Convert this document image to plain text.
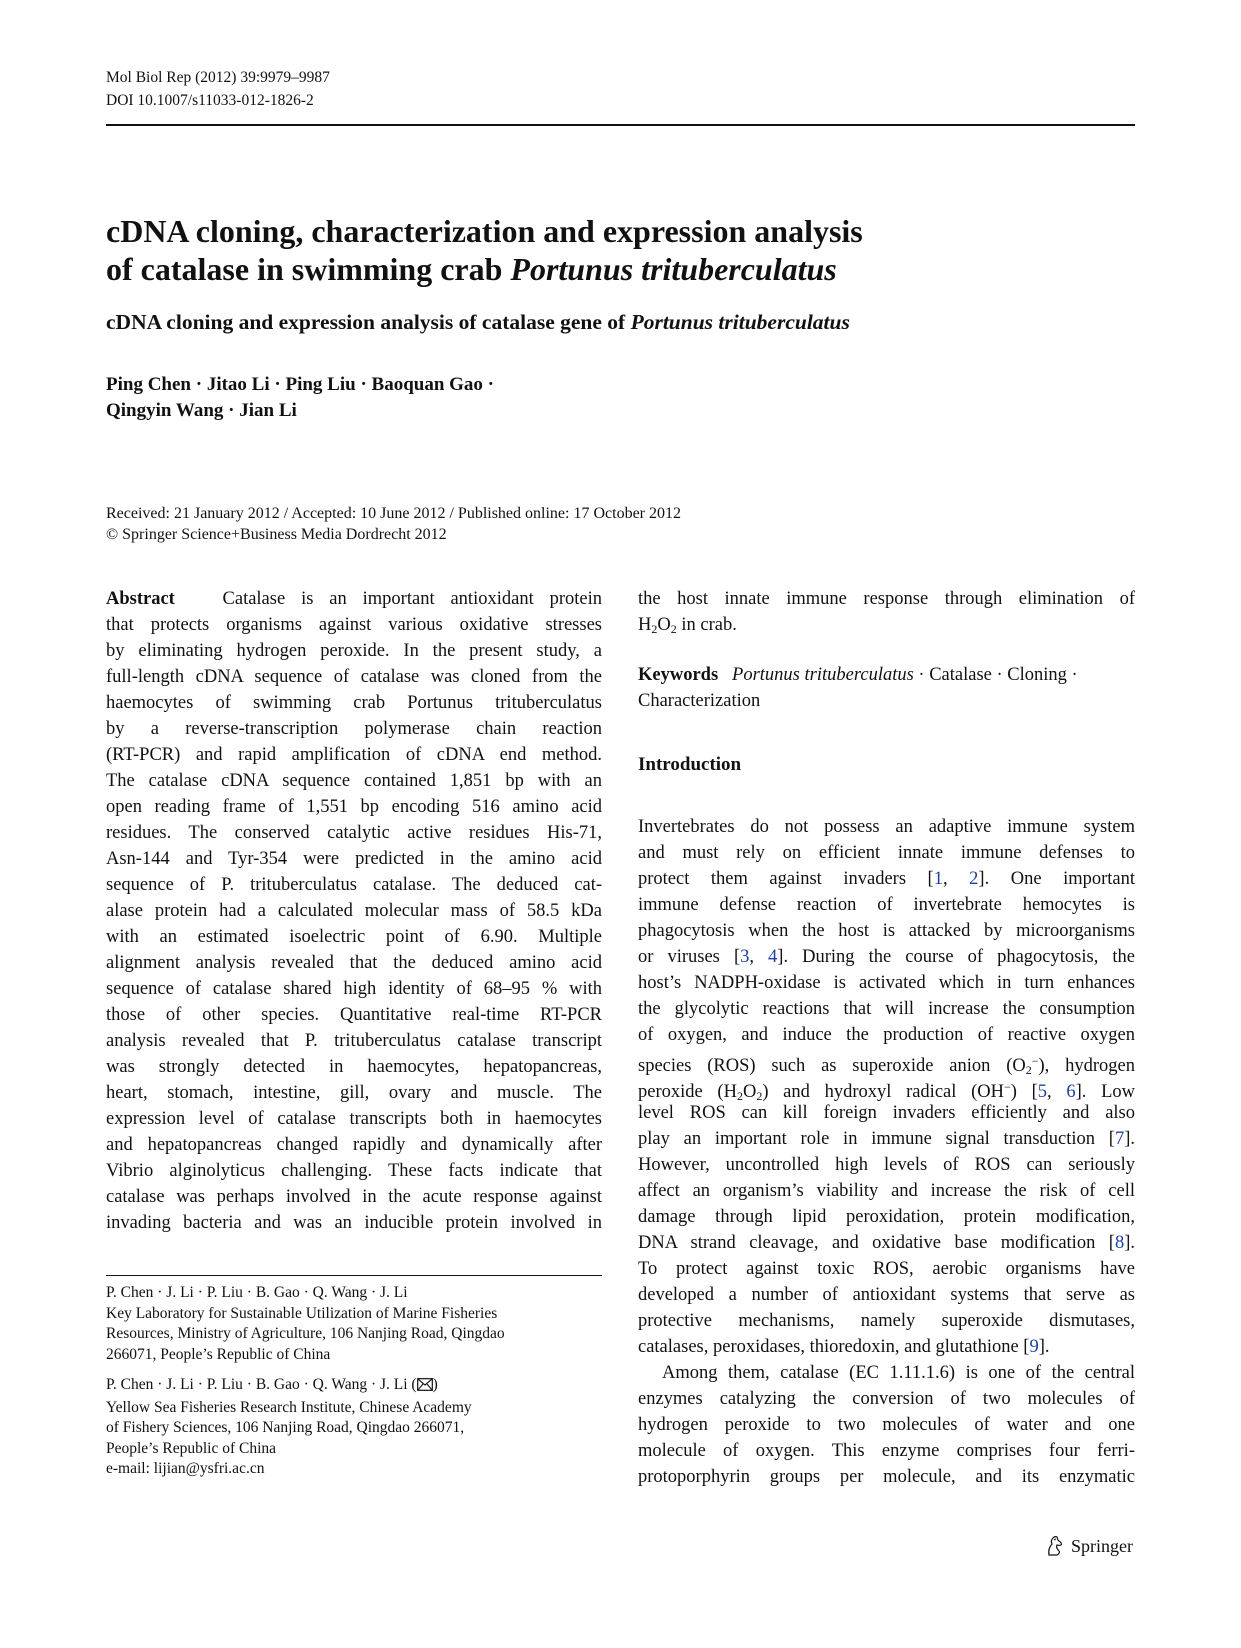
Mol Biol Rep (2012) 39:9979–9987
DOI 10.1007/s11033-012-1826-2
cDNA cloning, characterization and expression analysis
of catalase in swimming crab Portunus trituberculatus
cDNA cloning and expression analysis of catalase gene of Portunus trituberculatus
Ping Chen · Jitao Li · Ping Liu · Baoquan Gao ·
Qingyin Wang · Jian Li
Received: 21 January 2012 / Accepted: 10 June 2012 / Published online: 17 October 2012
© Springer Science+Business Media Dordrecht 2012
Abstract	Catalase is an important antioxidant protein
that protects organisms against various oxidative stresses
by eliminating hydrogen peroxide. In the present study, a
full-length cDNA sequence of catalase was cloned from the
haemocytes of swimming crab Portunus trituberculatus
by a reverse-transcription polymerase chain reaction
(RT-PCR) and rapid amplification of cDNA end method.
The catalase cDNA sequence contained 1,851 bp with an
open reading frame of 1,551 bp encoding 516 amino acid
residues. The conserved catalytic active residues His-71,
Asn-144 and Tyr-354 were predicted in the amino acid
sequence of P. trituberculatus catalase. The deduced cat-
alase protein had a calculated molecular mass of 58.5 kDa
with an estimated isoelectric point of 6.90. Multiple
alignment analysis revealed that the deduced amino acid
sequence of catalase shared high identity of 68–95 % with
those of other species. Quantitative real-time RT-PCR
analysis revealed that P. trituberculatus catalase transcript
was strongly detected in haemocytes, hepatopancreas,
heart, stomach, intestine, gill, ovary and muscle. The
expression level of catalase transcripts both in haemocytes
and hepatopancreas changed rapidly and dynamically after
Vibrio alginolyticus challenging. These facts indicate that
catalase was perhaps involved in the acute response against
invading bacteria and was an inducible protein involved in
P. Chen · J. Li · P. Liu · B. Gao · Q. Wang · J. Li
Key Laboratory for Sustainable Utilization of Marine Fisheries
Resources, Ministry of Agriculture, 106 Nanjing Road, Qingdao
266071, People’s Republic of China
P. Chen · J. Li · P. Liu · B. Gao · Q. Wang · J. Li ( )
Yellow Sea Fisheries Research Institute, Chinese Academy
of Fishery Sciences, 106 Nanjing Road, Qingdao 266071,
People’s Republic of China
e-mail: lijian@ysfri.ac.cn
the host innate immune response through elimination of
$H_2O_2$ in crab.
Keywords Portunus trituberculatus · Catalase · Cloning ·
Characterization
Introduction
Invertebrates do not possess an adaptive immune system
and must rely on efficient innate immune defenses to
protect them against invaders [1, 2]. One important
immune defense reaction of invertebrate hemocytes is
phagocytosis when the host is attacked by microorganisms
or viruses [3, 4]. During the course of phagocytosis, the
host’s NADPH-oxidase is activated which in turn enhances
the glycolytic reactions that will increase the consumption
of oxygen, and induce the production of reactive oxygen
species (ROS) such as superoxide anion $(O_2^-)$, hydrogen
peroxide $(H_2O_2)$ and hydroxyl radical (OH−) [5, 6]. Low
level ROS can kill foreign invaders efficiently and also
play an important role in immune signal transduction [7].
However, uncontrolled high levels of ROS can seriously
affect an organism’s viability and increase the risk of cell
damage through lipid peroxidation, protein modification,
DNA strand cleavage, and oxidative base modification [8].
To protect against toxic ROS, aerobic organisms have
developed a number of antioxidant systems that serve as
protective mechanisms, namely superoxide dismutases,
catalases, peroxidases, thioredoxin, and glutathione [9].
Among them, catalase (EC 1.11.1.6) is one of the central
enzymes catalyzing the conversion of two molecules of
hydrogen peroxide to two molecules of water and one
molecule of oxygen. This enzyme comprises four ferri-
protoporphyrin groups per molecule, and its enzymatic
Springer
